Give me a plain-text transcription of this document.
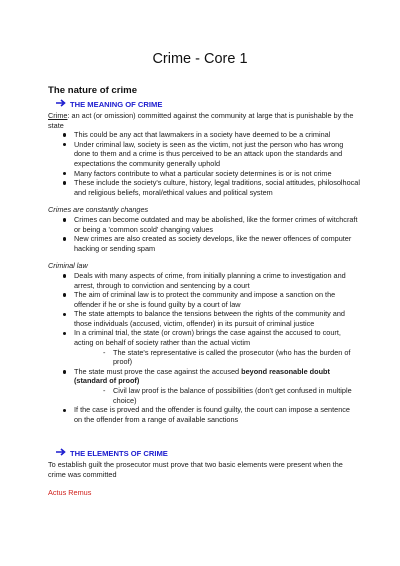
Crime - Core 1
The nature of crime
THE MEANING OF CRIME

Crime: an act (or omission) committed against the community at large that is punishable by the state

This could be any act that lawmakers in a society have deemed to be a criminal
Under criminal law, society is seen as the victim, not just the person who has wrong done to them and a crime is thus perceived to be an attack upon the standards and expectations the community generally uphold
Many factors contribute to what a particular society determines is or is not crime
These include the society's culture, history, legal traditions, social attitudes, philosolhocal and religious beliefs, moral/ethical values and political system

Crimes are constantly changes

Crimes can become outdated and may be abolished, like the former crimes of witchcraft or being a 'common scold' changing values
New crimes are also created as society develops, like the newer offences of computer hacking or sending spam

Criminal law

Deals with many aspects of crime, from initially planning a crime to investigation and arrest, through to conviction and sentencing by a court
The aim of criminal law is to protect the community and impose a sanction on the offender if he or she is found guilty by a court of law
The state attempts to balance the tensions between the rights of the community and those individuals (accused, victim, offender) in its pursuit of criminal justice
In a criminal trial, the state (or crown) brings the case against the accused to court, acting on behalf of society rather than the actual victim
- The state's representative is called the prosecutor (who has the burden of proof)
The state must prove the case against the accused beyond reasonable doubt (standard of proof)
- Civil law proof is the balance of possibilities (don't get confused in multiple choice)
If the case is proved and the offender is found guilty, the court can impose a sentence on the offender from a range of available sanctions
THE ELEMENTS OF CRIME

To establish guilt the prosecutor must prove that two basic elements were present when the crime was committed

Actus Remus
